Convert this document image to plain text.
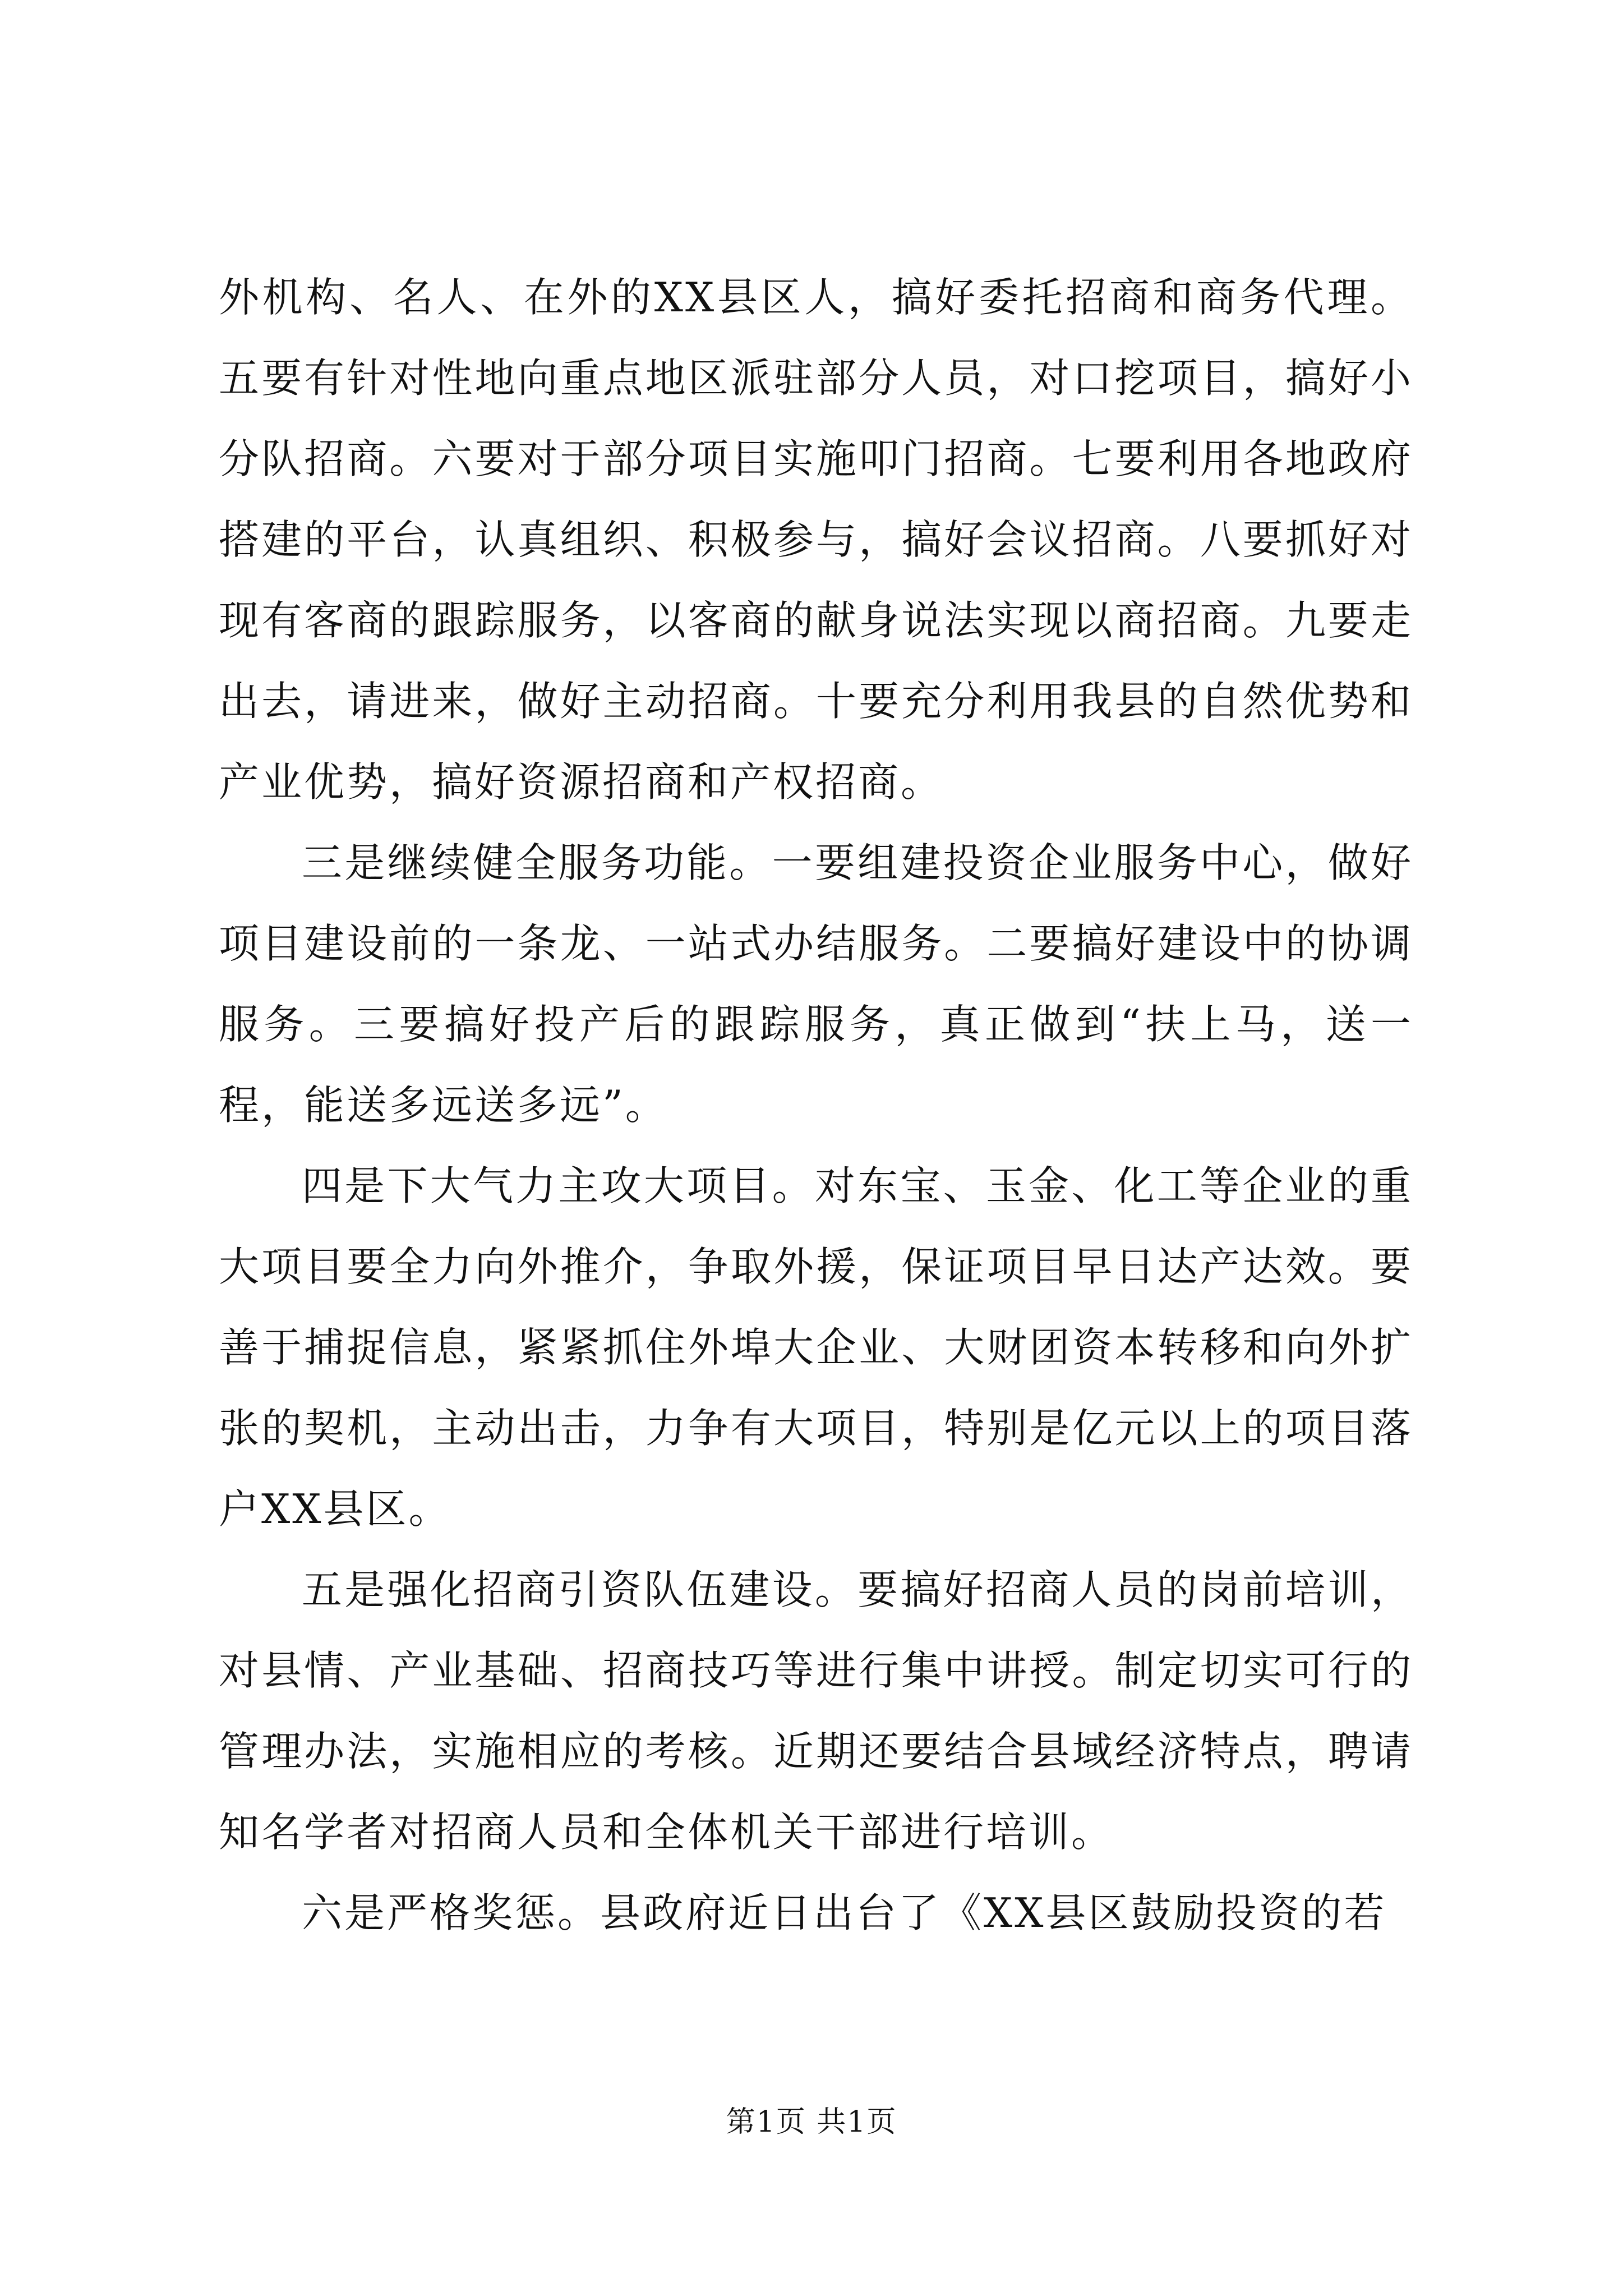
外机构、名人、在外的XX县区人，搞好委托招商和商务代理。五要有针对性地向重点地区派驻部分人员，对口挖项目，搞好小分队招商。六要对于部分项目实施叩门招商。七要利用各地政府搭建的平台，认真组织、积极参与，搞好会议招商。八要抓好对现有客商的跟踪服务，以客商的献身说法实现以商招商。九要走出去，请进来，做好主动招商。十要充分利用我县的自然优势和产业优势，搞好资源招商和产权招商。

三是继续健全服务功能。一要组建投资企业服务中心，做好项目建设前的一条龙、一站式办结服务。二要搞好建设中的协调服务。三要搞好投产后的跟踪服务，真正做到“扶上马，送一程，能送多远送多远”。

四是下大气力主攻大项目。对东宝、玉金、化工等企业的重大项目要全力向外推介，争取外援，保证项目早日达产达效。要善于捕捉信息，紧紧抓住外埠大企业、大财团资本转移和向外扩张的契机，主动出击，力争有大项目，特别是亿元以上的项目落户XX县区。

五是强化招商引资队伍建设。要搞好招商人员的岗前培训，对县情、产业基础、招商技巧等进行集中讲授。制定切实可行的管理办法，实施相应的考核。近期还要结合县域经济特点，聘请知名学者对招商人员和全体机关干部进行培训。

六是严格奖惩。县政府近日出台了《XX县区鼓励投资的若

第1页 共1页
